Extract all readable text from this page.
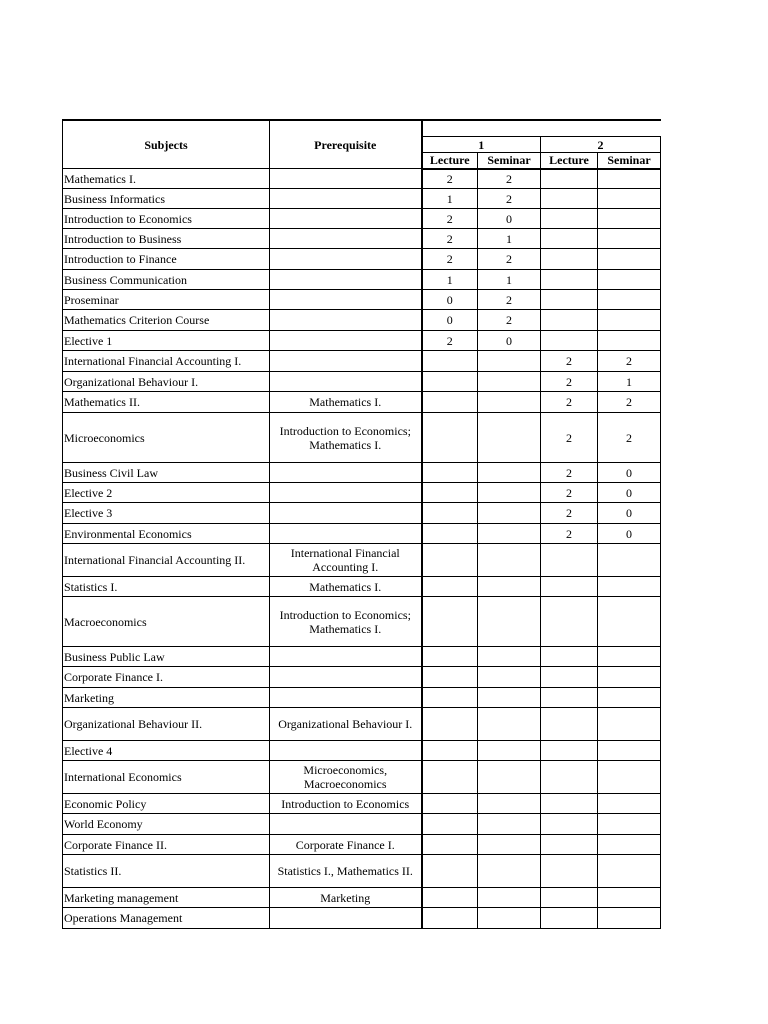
Subjects	Prerequisite				
		1		2	
		Lecture	Seminar	Lecture	Seminar
Mathematics I.		2	2		
Business Informatics		1	2		
Introduction to Economics		2	0		
Introduction to Business		2	1		
Introduction to Finance		2	2		
Business Communication		1	1		
Proseminar		0	2		
Mathematics Criterion Course		0	2		
Elective 1		2	0		
International Financial Accounting I.				2	2
Organizational Behaviour I.				2	1
Mathematics II.	Mathematics I.			2	2
Microeconomics	Introduction to Economics; Mathematics I.			2	2
Business Civil Law				2	0
Elective 2				2	0
Elective 3				2	0
Environmental Economics				2	0
International Financial Accounting II.	International Financial Accounting I.				
Statistics I.	Mathematics I.				
Macroeconomics	Introduction to Economics; Mathematics I.				
Business Public Law					
Corporate Finance I.					
Marketing					
Organizational Behaviour II.	Organizational Behaviour I.				
Elective 4					
International Economics	Microeconomics, Macroeconomics				
Economic Policy	Introduction to Economics				
World Economy					
Corporate Finance II.	Corporate Finance I.				
Statistics II.	Statistics I., Mathematics II.				
Marketing management	Marketing				
Operations Management					
